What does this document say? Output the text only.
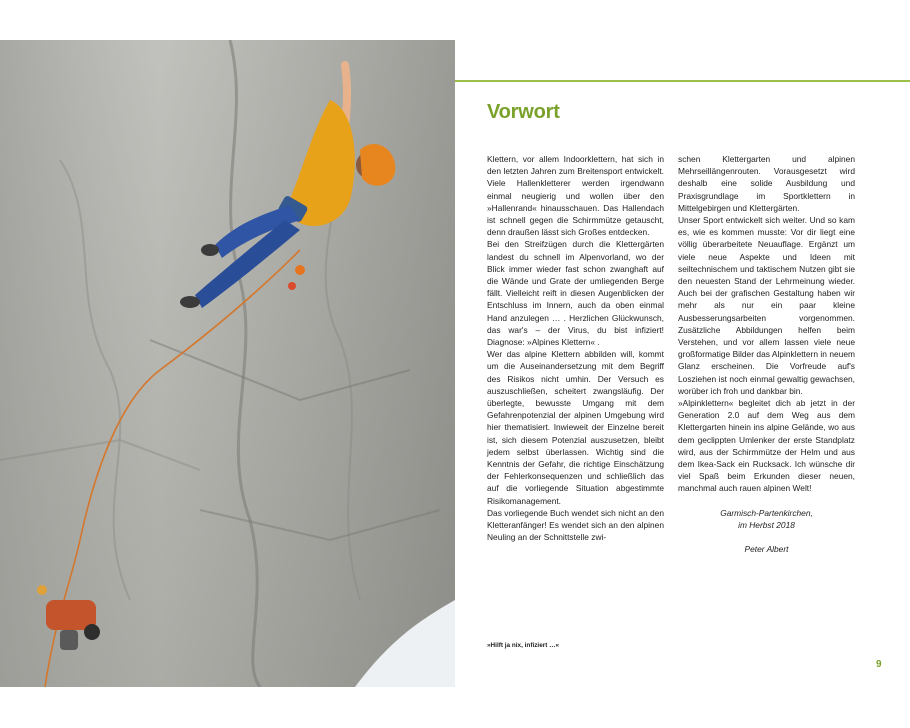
Vorwort

Klettern, vor allem Indoorklettern, hat sich in den letzten Jahren zum Breitensport entwickelt. Viele Hallenkletterer werden irgendwann einmal neugierig und wollen über den »Hallenrand« hinausschauen. Das Hallendach ist schnell gegen die Schirmmütze getauscht, denn draußen lässt sich Großes entdecken.

Bei den Streifzügen durch die Klettergärten landest du schnell im Alpenvorland, wo der Blick immer wieder fast schon zwanghaft auf die Wände und Grate der umliegenden Berge fällt. Vielleicht reift in diesen Augenblicken der Entschluss im Innern, auch da oben einmal Hand anzulegen … . Herzlichen Glückwunsch, das war's – der Virus, du bist infiziert! Diagnose: »Alpines Klettern« .

Wer das alpine Klettern abbilden will, kommt um die Auseinandersetzung mit dem Begriff des Risikos nicht umhin. Der Versuch es auszuschließen, scheitert zwangsläufig. Der überlegte, bewusste Umgang mit dem Gefahrenpotenzial der alpinen Umgebung wird hier thematisiert. Inwieweit der Einzelne bereit ist, sich diesem Potenzial auszusetzen, bleibt jedem selbst überlassen. Wichtig sind die Kenntnis der Gefahr, die richtige Einschätzung der Fehlerkonsequenzen und schließlich das auf die vorliegende Situation abgestimmte Risikomanagement.

Das vorliegende Buch wendet sich nicht an den Kletteranfänger! Es wendet sich an den alpinen Neuling an der Schnittstelle zwi-

schen Klettergarten und alpinen Mehrseillängenrouten. Vorausgesetzt wird deshalb eine solide Ausbildung und Praxisgrundlage im Sportklettern in Mittelgebirgen und Klettergärten.

Unser Sport entwickelt sich weiter. Und so kam es, wie es kommen musste: Vor dir liegt eine völlig überarbeitete Neuauflage. Ergänzt um viele neue Aspekte und Ideen mit seiltechnischem und taktischem Nutzen gibt sie den neuesten Stand der Lehrmeinung wieder. Auch bei der grafischen Gestaltung haben wir mehr als nur ein paar kleine Ausbesserungsarbeiten vorgenommen. Zusätzliche Abbildungen helfen beim Verstehen, und vor allem lassen viele neue großformatige Bilder das Alpinklettern in neuem Glanz erscheinen. Die Vorfreude auf's Losziehen ist noch einmal gewaltig gewachsen, worüber ich froh und dankbar bin.

»Alpinklettern« begleitet dich ab jetzt in der Generation 2.0 auf dem Weg aus dem Klettergarten hinein ins alpine Gelände, wo aus dem geclippten Umlenker der erste Standplatz wird, aus der Schirmmütze der Helm und aus dem Ikea-Sack ein Rucksack. Ich wünsche dir viel Spaß beim Erkunden dieser neuen, manchmal auch rauen alpinen Welt!

Garmisch-Partenkirchen,
im Herbst 2018
Peter Albert
»Hilft ja nix, infiziert …«
9
